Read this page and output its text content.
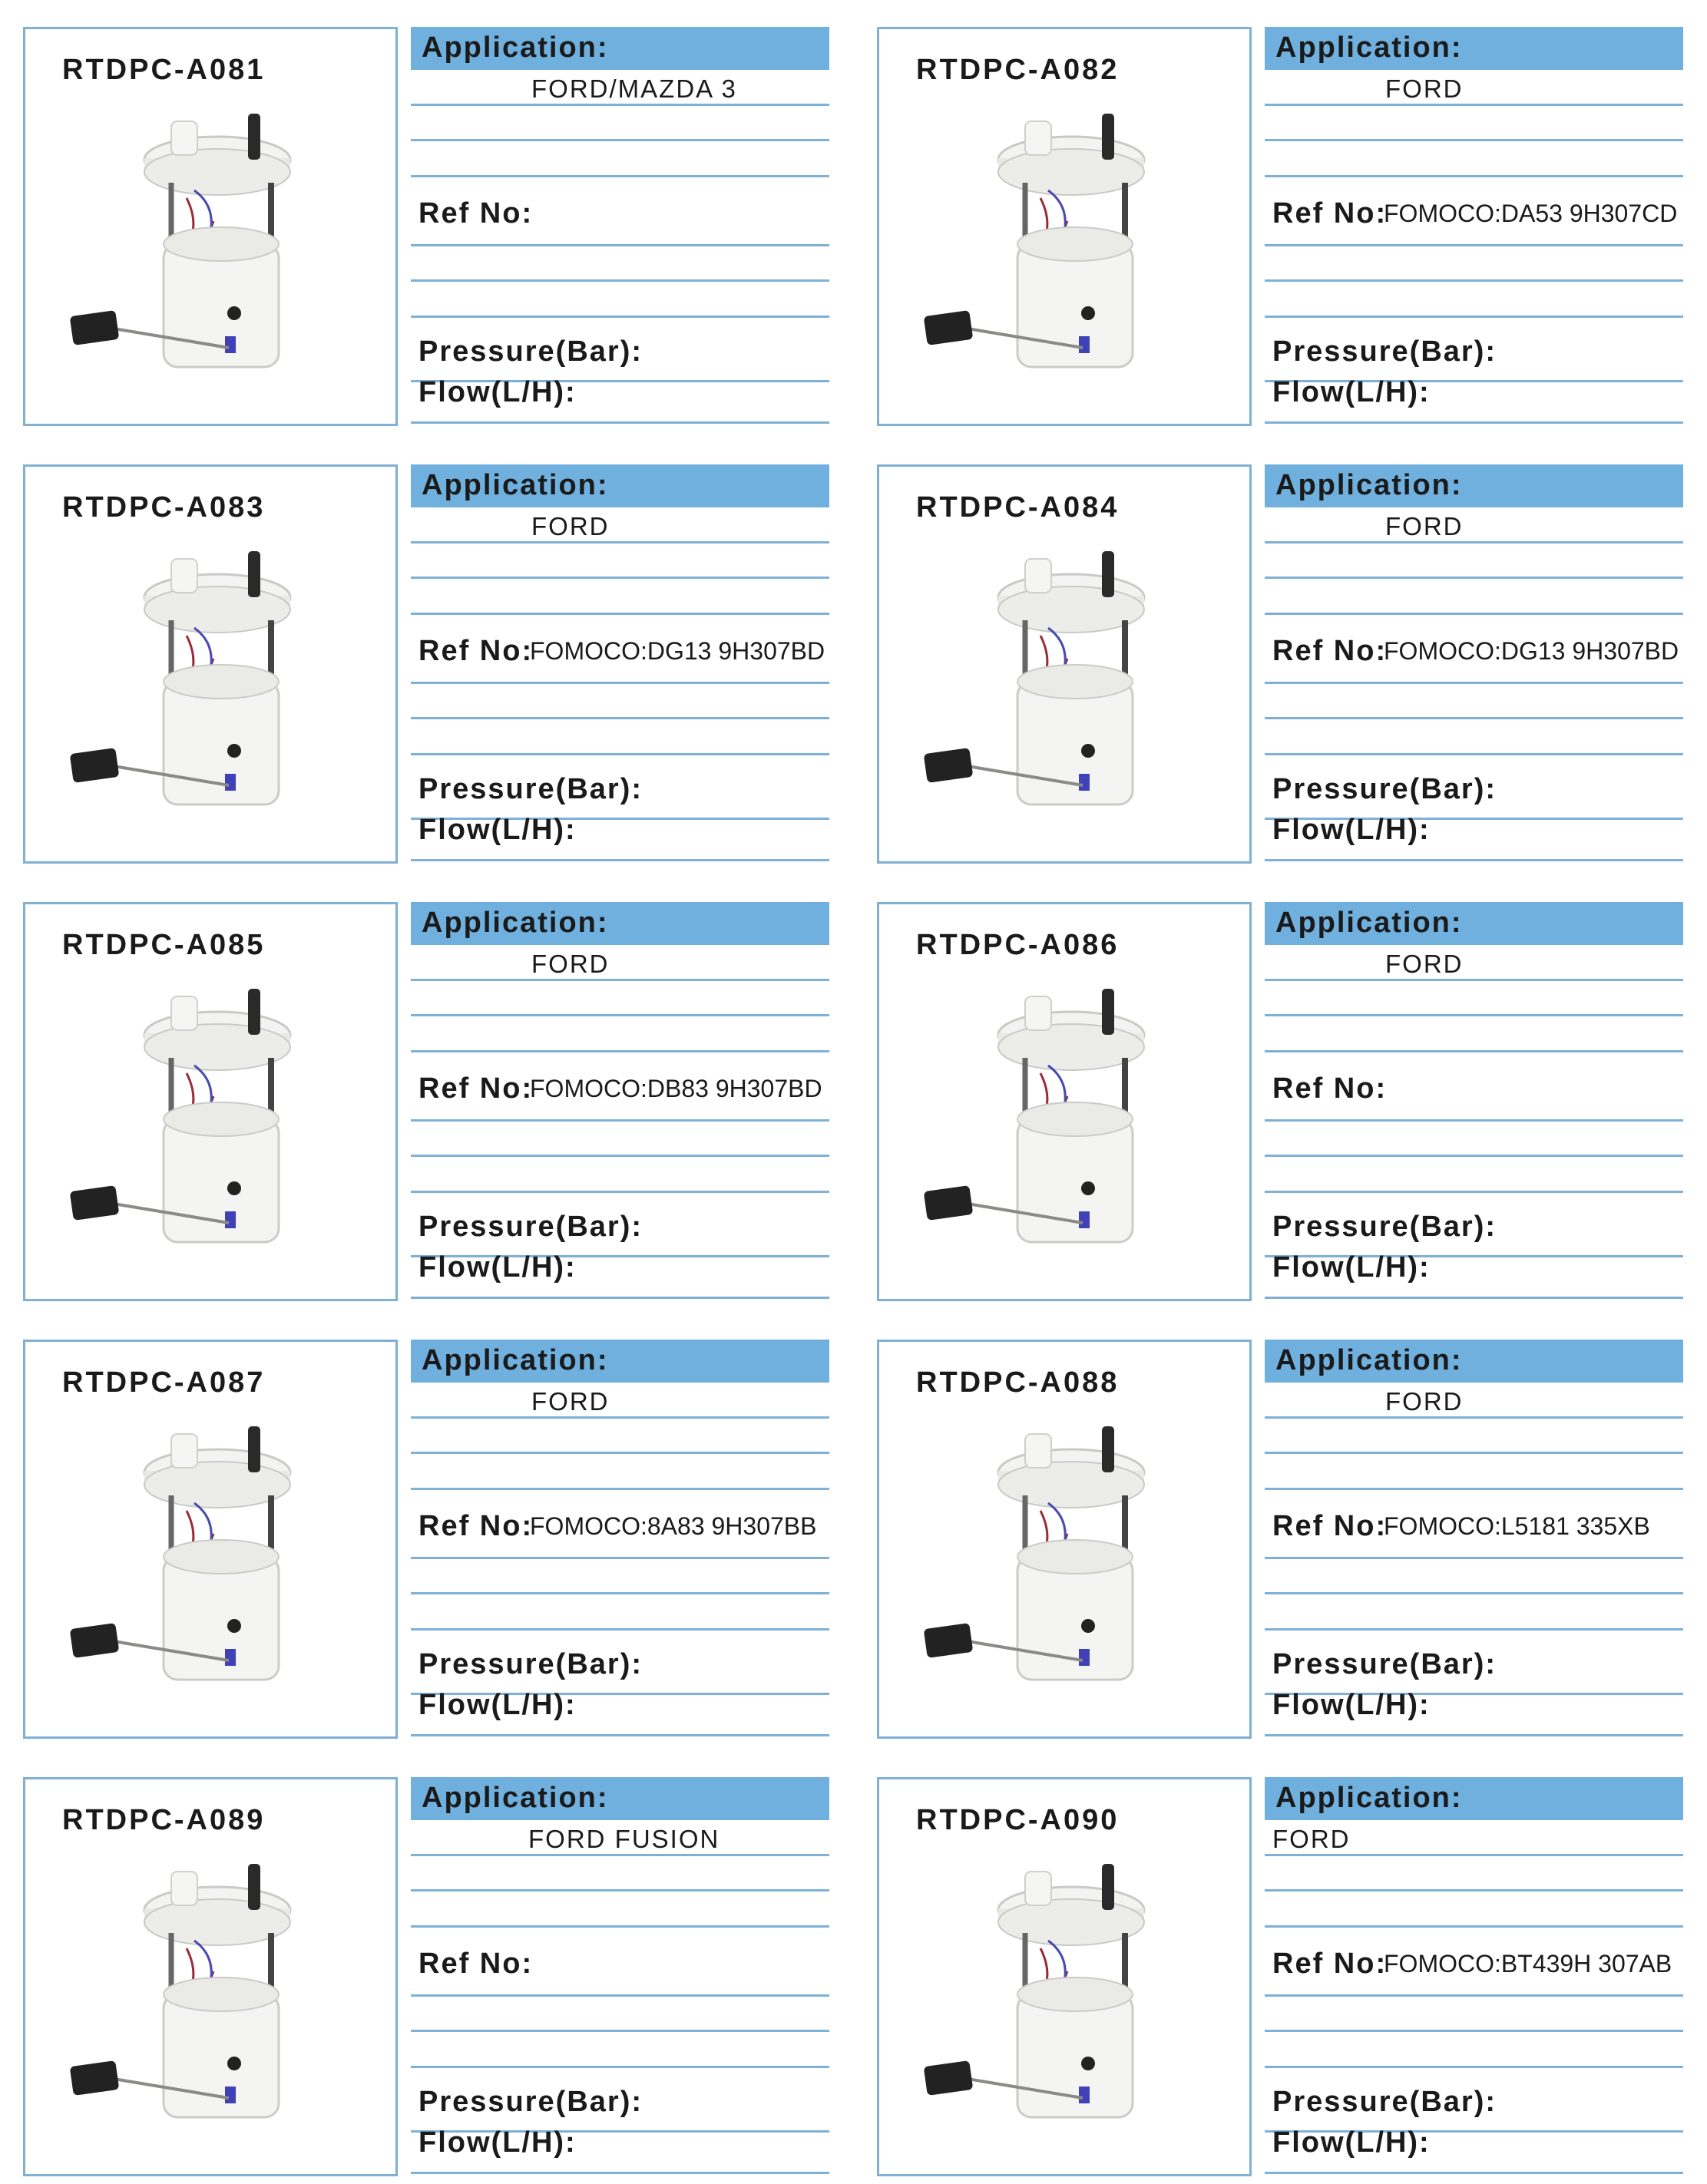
RTDPC-A081
Application:
FORD/MAZDA 3
Ref No:
Pressure(Bar):
Flow(L/H):
RTDPC-A082
Application:
FORD
Ref No:
FOMOCO:DA53 9H307CD
Pressure(Bar):
Flow(L/H):
RTDPC-A083
Application:
FORD
Ref No:
FOMOCO:DG13 9H307BD
Pressure(Bar):
Flow(L/H):
RTDPC-A084
Application:
FORD
Ref No:
FOMOCO:DG13 9H307BD
Pressure(Bar):
Flow(L/H):
RTDPC-A085
Application:
FORD
Ref No:
FOMOCO:DB83 9H307BD
Pressure(Bar):
Flow(L/H):
RTDPC-A086
Application:
FORD
Ref No:
Pressure(Bar):
Flow(L/H):
RTDPC-A087
Application:
FORD
Ref No:
FOMOCO:8A83 9H307BB
Pressure(Bar):
Flow(L/H):
RTDPC-A088
Application:
FORD
Ref No:
FOMOCO:L5181 335XB
Pressure(Bar):
Flow(L/H):
RTDPC-A089
Application:
FORD FUSION
Ref No:
Pressure(Bar):
Flow(L/H):
RTDPC-A090
Application:
FORD
Ref No:
FOMOCO:BT439H 307AB
Pressure(Bar):
Flow(L/H):
